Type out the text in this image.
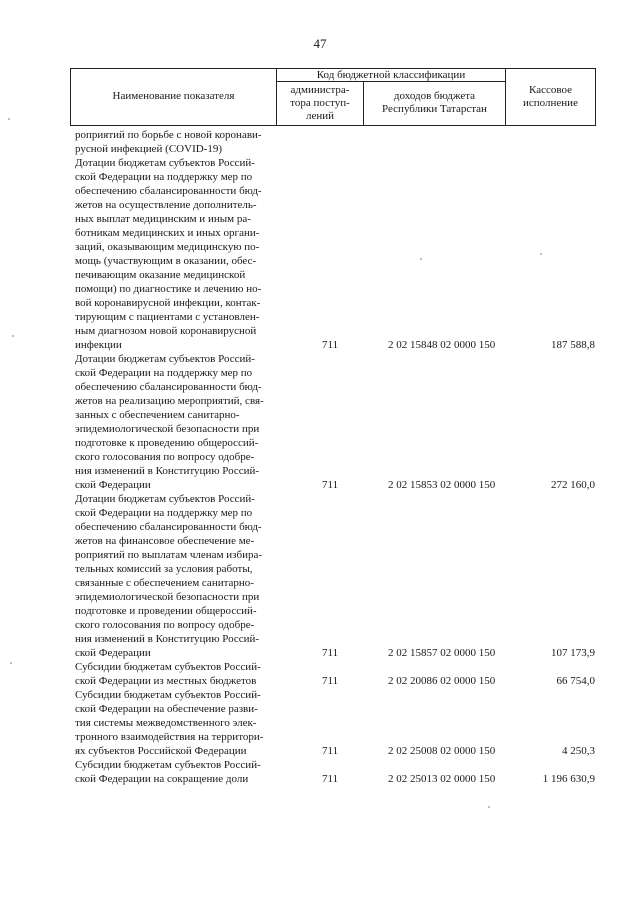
47
Наименование показателя
Код бюджетной классификации
администра-
тора поступ-
лений
доходов бюджета
Республики Татарстан
Кассовое
исполнение
роприятий по борьбе с новой коронави-
русной инфекцией (COVID-19)
Дотации бюджетам субъектов Россий-
ской Федерации на поддержку мер по
обеспечению сбалансированности бюд-
жетов на осуществление дополнитель-
ных выплат медицинским и иным ра-
ботникам медицинских и иных органи-
заций, оказывающим медицинскую по-
мощь (участвующим в оказании, обес-
печивающим оказание медицинской
помощи) по диагностике и лечению но-
вой коронавирусной инфекции, контак-
тирующим с пациентами с установлен-
ным диагнозом новой коронавирусной
инфекции	711	2 02 15848 02 0000 150	187 588,8
Дотации бюджетам субъектов Россий-
ской Федерации на поддержку мер по
обеспечению сбалансированности бюд-
жетов на реализацию мероприятий, свя-
занных с обеспечением санитарно-
эпидемиологической безопасности при
подготовке к проведению общероссий-
ского голосования по вопросу одобре-
ния изменений в Конституцию Россий-
ской Федерации	711	2 02 15853 02 0000 150	272 160,0
Дотации бюджетам субъектов Россий-
ской Федерации на поддержку мер по
обеспечению сбалансированности бюд-
жетов на финансовое обеспечение ме-
роприятий по выплатам членам избира-
тельных комиссий за условия работы,
связанные с обеспечением санитарно-
эпидемиологической безопасности при
подготовке и проведении общероссий-
ского голосования по вопросу одобре-
ния изменений в Конституцию Россий-
ской Федерации	711	2 02 15857 02 0000 150	107 173,9
Субсидии бюджетам субъектов Россий-
ской Федерации из местных бюджетов	711	2 02 20086 02 0000 150	66 754,0
Субсидии бюджетам субъектов Россий-
ской Федерации на обеспечение разви-
тия системы межведомственного элек-
тронного взаимодействия на территори-
ях субъектов Российской Федерации	711	2 02 25008 02 0000 150	4 250,3
Субсидии бюджетам субъектов Россий-
ской Федерации на сокращение доли	711	2 02 25013 02 0000 150	1 196 630,9
